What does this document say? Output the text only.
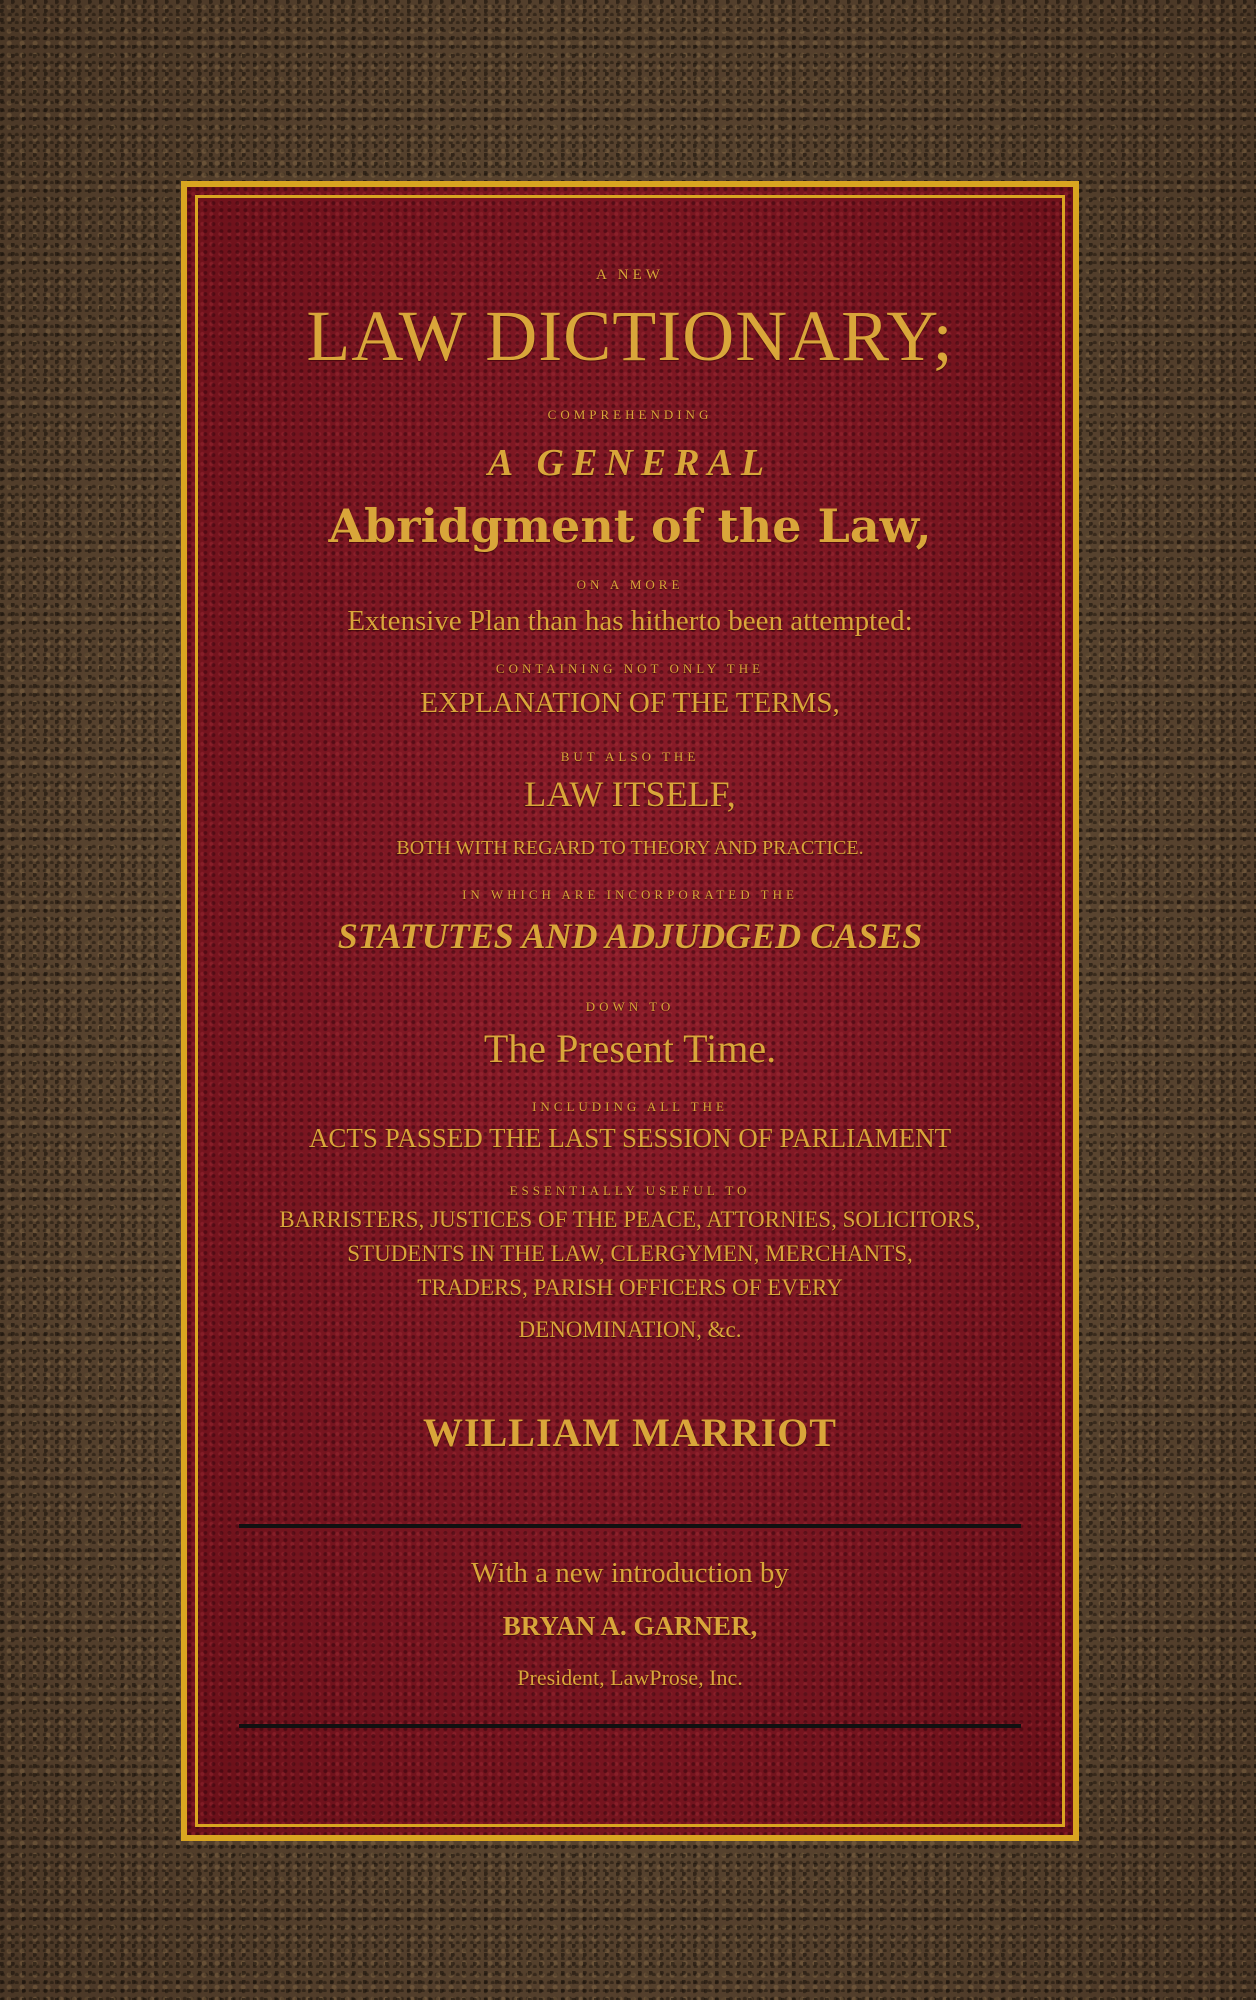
A NEW
LAW DICTIONARY;
COMPREHENDING
A GENERAL
Abridgment of the Law,
ON A MORE
Extensive Plan than has hitherto been attempted:
CONTAINING NOT ONLY THE
EXPLANATION OF THE TERMS,
BUT ALSO THE
LAW ITSELF,
BOTH WITH REGARD TO THEORY AND PRACTICE.
IN WHICH ARE INCORPORATED THE
STATUTES AND ADJUDGED CASES
DOWN TO
The Present Time.
INCLUDING ALL THE
ACTS PASSED THE LAST SESSION OF PARLIAMENT
ESSENTIALLY USEFUL TO
BARRISTERS, JUSTICES OF THE PEACE, ATTORNIES, SOLICITORS,
STUDENTS IN THE LAW, CLERGYMEN, MERCHANTS,
TRADERS, PARISH OFFICERS OF EVERY
DENOMINATION, &c.
WILLIAM MARRIOT
With a new introduction by
BRYAN A. GARNER,
President, LawProse, Inc.
